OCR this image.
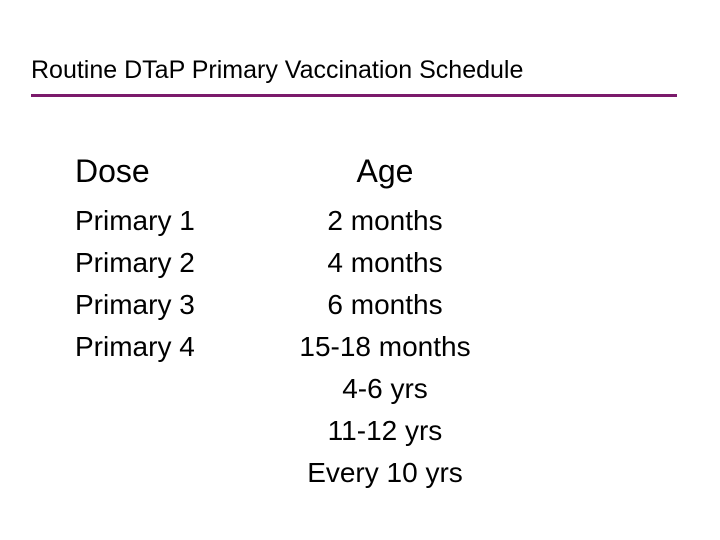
Routine DTaP Primary Vaccination Schedule
Dose
Primary 1
Primary 2
Primary 3
Primary 4
Age
2 months
4 months
6 months
15-18 months
4-6 yrs
11-12 yrs
Every 10 yrs
